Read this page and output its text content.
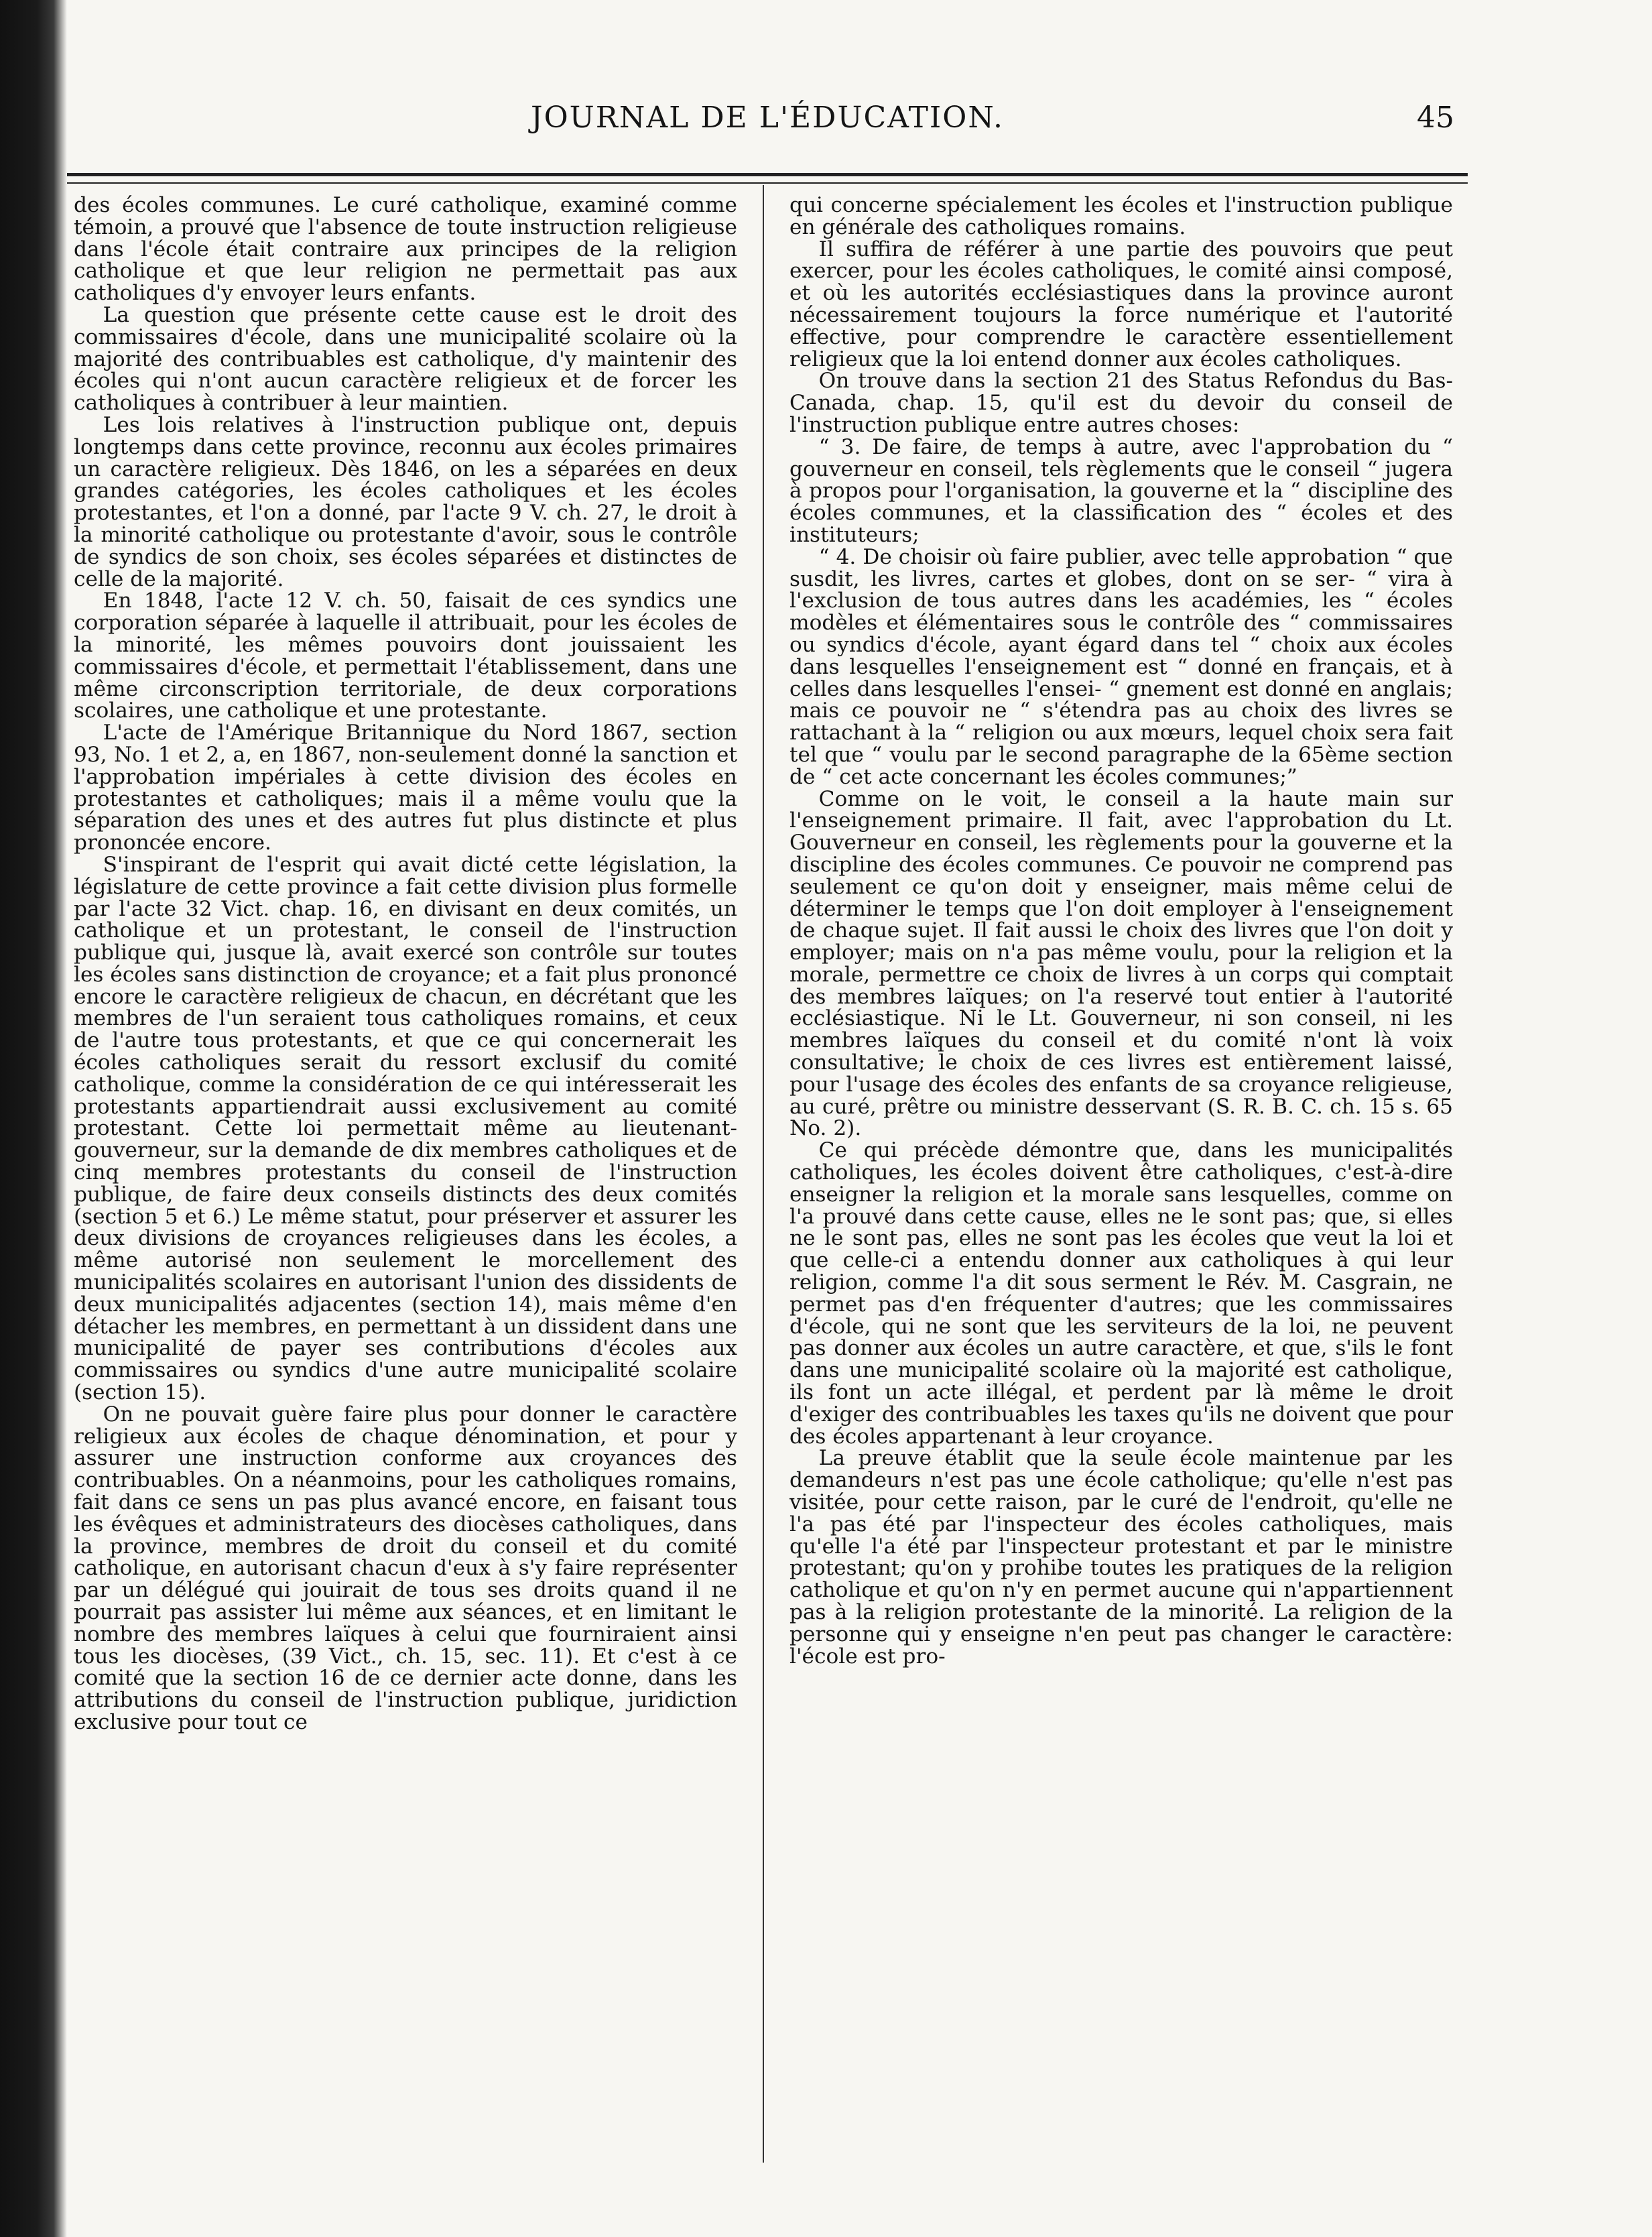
JOURNAL DE L'ÉDUCATION.	45

des écoles communes. Le curé catholique, examiné comme témoin, a prouvé que l'absence de toute instruction religieuse dans l'école était contraire aux principes de la religion catholique et que leur religion ne permettait pas aux catholiques d'y envoyer leurs enfants.

La question que présente cette cause est le droit des commissaires d'école, dans une municipalité scolaire où la majorité des contribuables est catholique, d'y maintenir des écoles qui n'ont aucun caractère religieux et de forcer les catholiques à contribuer à leur maintien.

Les lois relatives à l'instruction publique ont, depuis longtemps dans cette province, reconnu aux écoles primaires un caractère religieux. Dès 1846, on les a séparées en deux grandes catégories, les écoles catholiques et les écoles protestantes, et l'on a donné, par l'acte 9 V. ch. 27, le droit à la minorité catholique ou protestante d'avoir, sous le contrôle de syndics de son choix, ses écoles séparées et distinctes de celle de la majorité.

En 1848, l'acte 12 V. ch. 50, faisait de ces syndics une corporation séparée à laquelle il attribuait, pour les écoles de la minorité, les mêmes pouvoirs dont jouissaient les commissaires d'école, et permettait l'établissement, dans une même circonscription territoriale, de deux corporations scolaires, une catholique et une protestante.

L'acte de l'Amérique Britannique du Nord 1867, section 93, No. 1 et 2, a, en 1867, non-seulement donné la sanction et l'approbation impériales à cette division des écoles en protestantes et catholiques; mais il a même voulu que la séparation des unes et des autres fut plus distincte et plus prononcée encore.

S'inspirant de l'esprit qui avait dicté cette législation, la législature de cette province a fait cette division plus formelle par l'acte 32 Vict. chap. 16, en divisant en deux comités, un catholique et un protestant, le conseil de l'instruction publique qui, jusque là, avait exercé son contrôle sur toutes les écoles sans distinction de croyance; et a fait plus prononcé encore le caractère religieux de chacun, en décrétant que les membres de l'un seraient tous catholiques romains, et ceux de l'autre tous protestants, et que ce qui concernerait les écoles catholiques serait du ressort exclusif du comité catholique, comme la considération de ce qui intéresserait les protestants appartiendrait aussi exclusivement au comité protestant. Cette loi permettait même au lieutenant-gouverneur, sur la demande de dix membres catholiques et de cinq membres protestants du conseil de l'instruction publique, de faire deux conseils distincts des deux comités (section 5 et 6.) Le même statut, pour préserver et assurer les deux divisions de croyances religieuses dans les écoles, a même autorisé non seulement le morcellement des municipalités scolaires en autorisant l'union des dissidents de deux municipalités adjacentes (section 14), mais même d'en détacher les membres, en permettant à un dissident dans une municipalité de payer ses contributions d'écoles aux commissaires ou syndics d'une autre municipalité scolaire (section 15).

On ne pouvait guère faire plus pour donner le caractère religieux aux écoles de chaque dénomination, et pour y assurer une instruction conforme aux croyances des contribuables. On a néanmoins, pour les catholiques romains, fait dans ce sens un pas plus avancé encore, en faisant tous les évêques et administrateurs des diocèses catholiques, dans la province, membres de droit du conseil et du comité catholique, en autorisant chacun d'eux à s'y faire représenter par un délégué qui jouirait de tous ses droits quand il ne pourrait pas assister lui même aux séances, et en limitant le nombre des membres laïques à celui que fourniraient ainsi tous les diocèses, (39 Vict., ch. 15, sec. 11). Et c'est à ce comité que la section 16 de ce dernier acte donne, dans les attributions du conseil de l'instruction publique, juridiction exclusive pour tout ce

qui concerne spécialement les écoles et l'instruction publique en générale des catholiques romains.

Il suffira de référer à une partie des pouvoirs que peut exercer, pour les écoles catholiques, le comité ainsi composé, et où les autorités ecclésiastiques dans la province auront nécessairement toujours la force numérique et l'autorité effective, pour comprendre le caractère essentiellement religieux que la loi entend donner aux écoles catholiques.

On trouve dans la section 21 des Status Refondus du Bas-Canada, chap. 15, qu'il est du devoir du conseil de l'instruction publique entre autres choses:

“ 3. De faire, de temps à autre, avec l'approbation du “ gouverneur en conseil, tels règlements que le conseil “ jugera à propos pour l'organisation, la gouverne et la “ discipline des écoles communes, et la classification des “ écoles et des instituteurs;

“ 4. De choisir où faire publier, avec telle approbation “ que susdit, les livres, cartes et globes, dont on se ser- “ vira à l'exclusion de tous autres dans les académies, les “ écoles modèles et élémentaires sous le contrôle des “ commissaires ou syndics d'école, ayant égard dans tel “ choix aux écoles dans lesquelles l'enseignement est “ donné en français, et à celles dans lesquelles l'ensei- “ gnement est donné en anglais; mais ce pouvoir ne “ s'étendra pas au choix des livres se rattachant à la “ religion ou aux mœurs, lequel choix sera fait tel que “ voulu par le second paragraphe de la 65ème section de “ cet acte concernant les écoles communes;”

Comme on le voit, le conseil a la haute main sur l'enseignement primaire. Il fait, avec l'approbation du Lt. Gouverneur en conseil, les règlements pour la gouverne et la discipline des écoles communes. Ce pouvoir ne comprend pas seulement ce qu'on doit y enseigner, mais même celui de déterminer le temps que l'on doit employer à l'enseignement de chaque sujet. Il fait aussi le choix des livres que l'on doit y employer; mais on n'a pas même voulu, pour la religion et la morale, permettre ce choix de livres à un corps qui comptait des membres laïques; on l'a reservé tout entier à l'autorité ecclésiastique. Ni le Lt. Gouverneur, ni son conseil, ni les membres laïques du conseil et du comité n'ont là voix consultative; le choix de ces livres est entièrement laissé, pour l'usage des écoles des enfants de sa croyance religieuse, au curé, prêtre ou ministre desservant (S. R. B. C. ch. 15 s. 65 No. 2).

Ce qui précède démontre que, dans les municipalités catholiques, les écoles doivent être catholiques, c'est-à-dire enseigner la religion et la morale sans lesquelles, comme on l'a prouvé dans cette cause, elles ne le sont pas; que, si elles ne le sont pas, elles ne sont pas les écoles que veut la loi et que celle-ci a entendu donner aux catholiques à qui leur religion, comme l'a dit sous serment le Rév. M. Casgrain, ne permet pas d'en fréquenter d'autres; que les commissaires d'école, qui ne sont que les serviteurs de la loi, ne peuvent pas donner aux écoles un autre caractère, et que, s'ils le font dans une municipalité scolaire où la majorité est catholique, ils font un acte illégal, et perdent par là même le droit d'exiger des contribuables les taxes qu'ils ne doivent que pour des écoles appartenant à leur croyance.

La preuve établit que la seule école maintenue par les demandeurs n'est pas une école catholique; qu'elle n'est pas visitée, pour cette raison, par le curé de l'endroit, qu'elle ne l'a pas été par l'inspecteur des écoles catholiques, mais qu'elle l'a été par l'inspecteur protestant et par le ministre protestant; qu'on y prohibe toutes les pratiques de la religion catholique et qu'on n'y en permet aucune qui n'appartiennent pas à la religion protestante de la minorité. La religion de la personne qui y enseigne n'en peut pas changer le caractère: l'école est pro-
